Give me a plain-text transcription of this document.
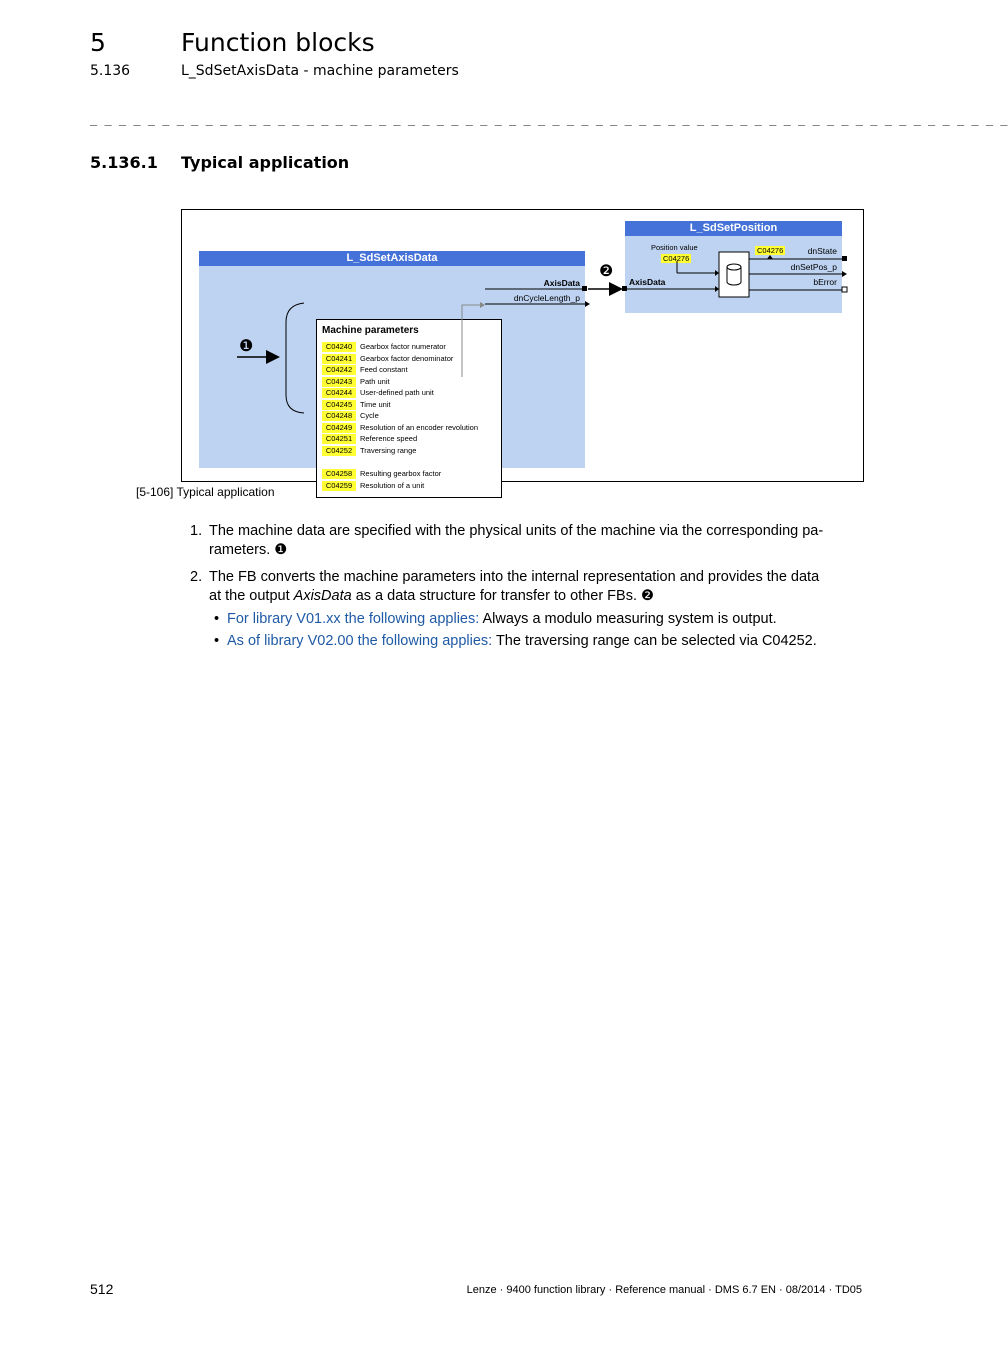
5	Function blocks
5.136	L_SdSetAxisData - machine parameters
_ _ _ _ _ _ _ _ _ _ _ _ _ _ _ _ _ _ _ _ _ _ _ _ _ _ _ _ _ _ _ _ _ _ _ _ _ _ _ _ _ _ _ _ _ _ _ _ _ _ _ _ _ _ _ _ _ _ _ _ _ _ _ _
5.136.1 Typical application
L_SdSetAxisData
Machine parameters
C04240 Gearbox factor numerator
C04241 Gearbox factor denominator
C04242 Feed constant
C04243 Path unit
C04244 User-defined path unit
C04245 Time unit
C04248 Cycle
C04249 Resolution of an encoder revolution
C04251 Reference speed
C04252 Traversing range
C04258 Resulting gearbox factor
C04259 Resolution of a unit
AxisData
dnCycleLength_p
L_SdSetPosition
Position value
C04276
C04276
AxisData
dnState
dnSetPos_p
bError
❶
❷
[5-106] Typical application
1. The machine data are specified with the physical units of the machine via the corresponding pa-
rameters. ❶
2. The FB converts the machine parameters into the internal representation and provides the data
at the output AxisData as a data structure for transfer to other FBs. ❷
• For library V01.xx the following applies: Always a modulo measuring system is output.
• As of library V02.00 the following applies: The traversing range can be selected via C04252.
512	Lenze · 9400 function library · Reference manual · DMS 6.7 EN · 08/2014 · TD05
